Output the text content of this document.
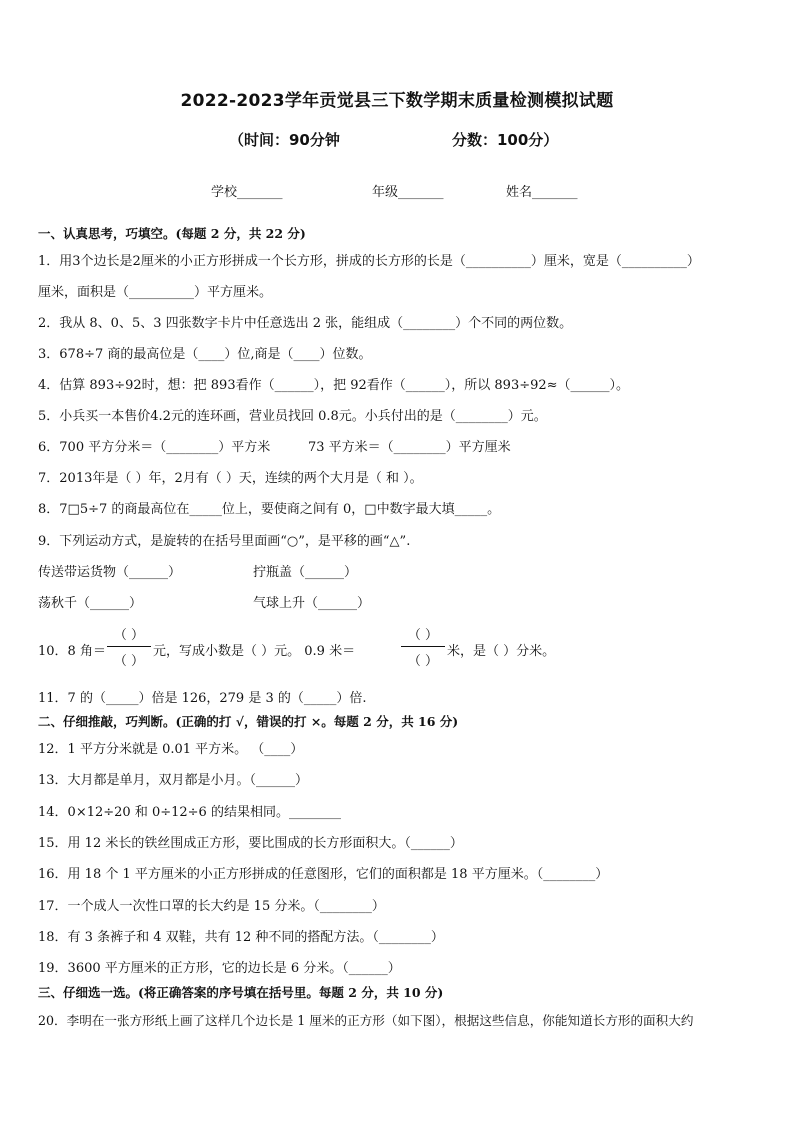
2022-2023学年贡觉县三下数学期末质量检测模拟试题
（时间：90分钟	分数：100分）
学校_______	年级_______	姓名_______
一、认真思考，巧填空。(每题 2 分，共 22 分)
1．用3个边长是2厘米的小正方形拼成一个长方形，拼成的长方形的长是（__________）厘米，宽是（__________）
厘米，面积是（__________）平方厘米。
2．我从 8、0、5、3 四张数字卡片中任意选出 2 张，能组成（________）个不同的两位数。
3．678÷7 商的最高位是（____）位,商是（____）位数。
4．估算 893÷92时，想：把 893看作（______），把 92看作（______），所以 893÷92≈（______）。
5．小兵买一本售价4.2元的连环画，营业员找回 0.8元。小兵付出的是（________）元。
6．700 平方分米＝（________）平方米	73 平方米＝（________）平方厘米
7．2013年是（ ）年，2月有（ ）天，连续的两个大月是（ 和 ）。
8．7□5÷7 的商最高位在_____位上，要使商之间有 0，□中数字最大填_____。
9．下列运动方式，是旋转的在括号里面画“○”，是平移的画“△”.
传送带运货物（______）	拧瓶盖（______）
荡秋千（______）	气球上升（______）
10．8 角＝
（ ）
（ ）
元，写成小数是（ ）元。 0.9 米＝
（ ）
（ ）
米，是（ ）分米。
11．7 的（_____）倍是 126，279 是 3 的（_____）倍.
二、仔细推敲，巧判断。(正确的打 √，错误的打 ×。每题 2 分，共 16 分)
12．1 平方分米就是 0.01 平方米。 （____）
13．大月都是单月，双月都是小月。（______）
14．0×12÷20 和 0÷12÷6 的结果相同。________
15．用 12 米长的铁丝围成正方形，要比围成的长方形面积大。（______）
16．用 18 个 1 平方厘米的小正方形拼成的任意图形，它们的面积都是 18 平方厘米。（________）
17．一个成人一次性口罩的长大约是 15 分米。（________）
18．有 3 条裤子和 4 双鞋，共有 12 种不同的搭配方法。（________）
19．3600 平方厘米的正方形，它的边长是 6 分米。（______）
三、仔细选一选。(将正确答案的序号填在括号里。每题 2 分，共 10 分)
20．李明在一张方形纸上画了这样几个边长是 1 厘米的正方形（如下图），根据这些信息，你能知道长方形的面积大约
